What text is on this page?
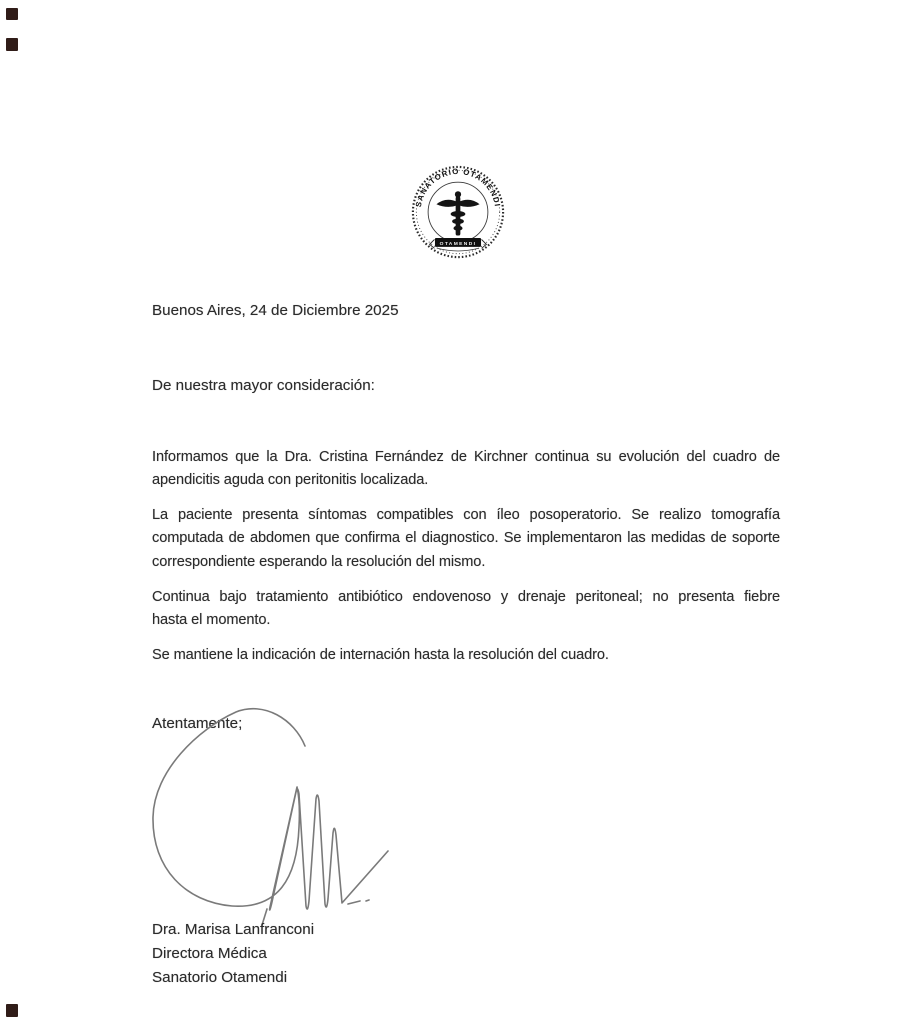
SANATORIO OTAMENDI
OTAMENDI
Buenos Aires, 24 de Diciembre 2025
De nuestra mayor consideración:
Informamos que la Dra. Cristina Fernández de Kirchner continua su evolución del cuadro de
apendicitis aguda con peritonitis localizada.
La paciente presenta síntomas compatibles con íleo posoperatorio. Se realizo tomografía
computada de abdomen que confirma el diagnostico. Se implementaron las medidas de soporte
correspondiente esperando la resolución del mismo.
Continua bajo tratamiento antibiótico endovenoso y drenaje peritoneal; no presenta fiebre
hasta el momento.
Se mantiene la indicación de internación hasta la resolución del cuadro.
Atentamente;
Dra. Marisa Lanfranconi
Directora Médica
Sanatorio Otamendi
